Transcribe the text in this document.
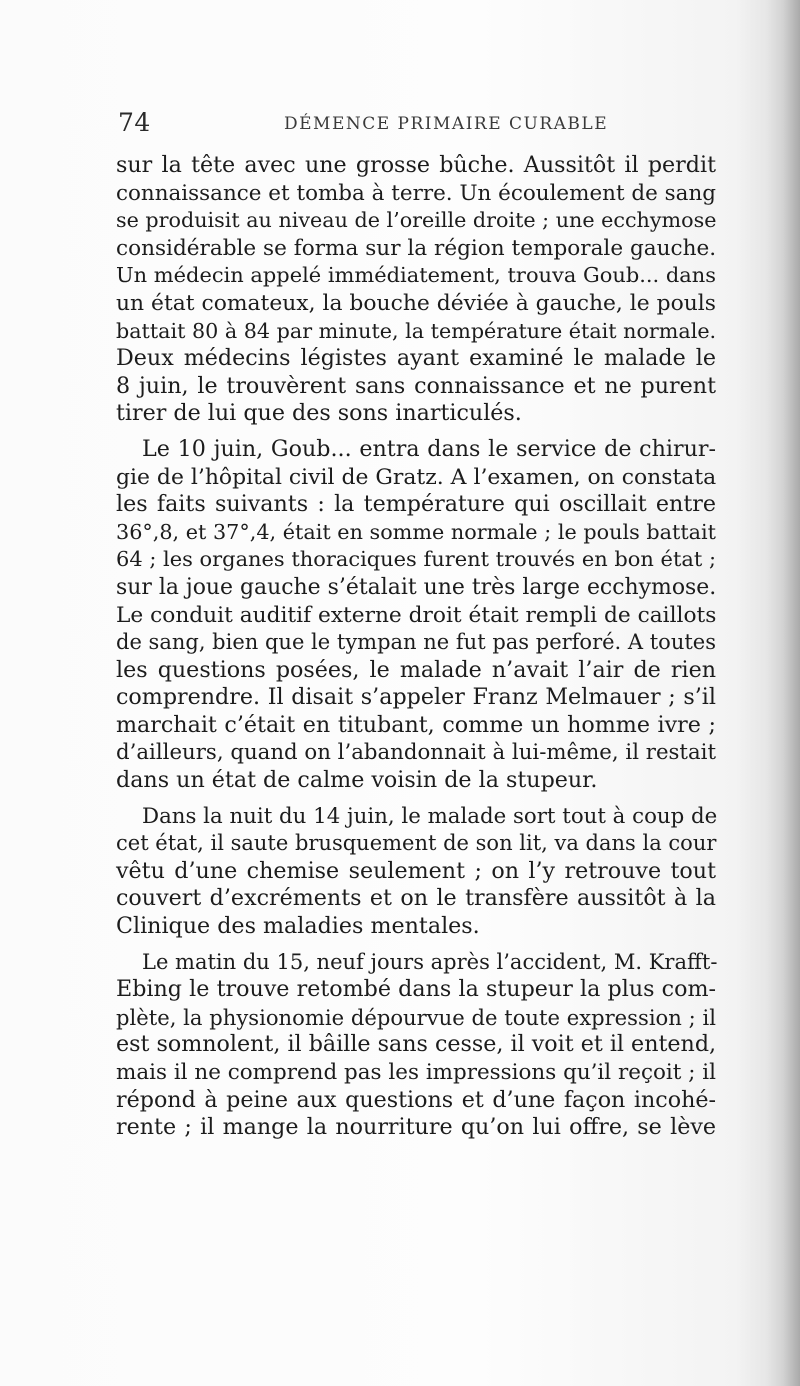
74	DÉMENCE PRIMAIRE CURABLE
sur la tête avec une grosse bûche. Aussitôt il perdit
connaissance et tomba à terre. Un écoulement de sang
se produisit au niveau de l’oreille droite ; une ecchymose
considérable se forma sur la région temporale gauche.
Un médecin appelé immédiatement, trouva Goub... dans
un état comateux, la bouche déviée à gauche, le pouls
battait 80 à 84 par minute, la température était normale.
Deux médecins légistes ayant examiné le malade le
8 juin, le trouvèrent sans connaissance et ne purent
tirer de lui que des sons inarticulés.
Le 10 juin, Goub... entra dans le service de chirur-
gie de l’hôpital civil de Gratz. A l’examen, on constata
les faits suivants : la température qui oscillait entre
36°,8, et 37°,4, était en somme normale ; le pouls battait
64 ; les organes thoraciques furent trouvés en bon état ;
sur la joue gauche s’étalait une très large ecchymose.
Le conduit auditif externe droit était rempli de caillots
de sang, bien que le tympan ne fut pas perforé. A toutes
les questions posées, le malade n’avait l’air de rien
comprendre. Il disait s’appeler Franz Melmauer ; s’il
marchait c’était en titubant, comme un homme ivre ;
d’ailleurs, quand on l’abandonnait à lui-même, il restait
dans un état de calme voisin de la stupeur.
Dans la nuit du 14 juin, le malade sort tout à coup de
cet état, il saute brusquement de son lit, va dans la cour
vêtu d’une chemise seulement ; on l’y retrouve tout
couvert d’excréments et on le transfère aussitôt à la
Clinique des maladies mentales.
Le matin du 15, neuf jours après l’accident, M. Krafft-
Ebing le trouve retombé dans la stupeur la plus com-
plète, la physionomie dépourvue de toute expression ; il
est somnolent, il bâille sans cesse, il voit et il entend,
mais il ne comprend pas les impressions qu’il reçoit ; il
répond à peine aux questions et d’une façon incohé-
rente ; il mange la nourriture qu’on lui offre, se lève
